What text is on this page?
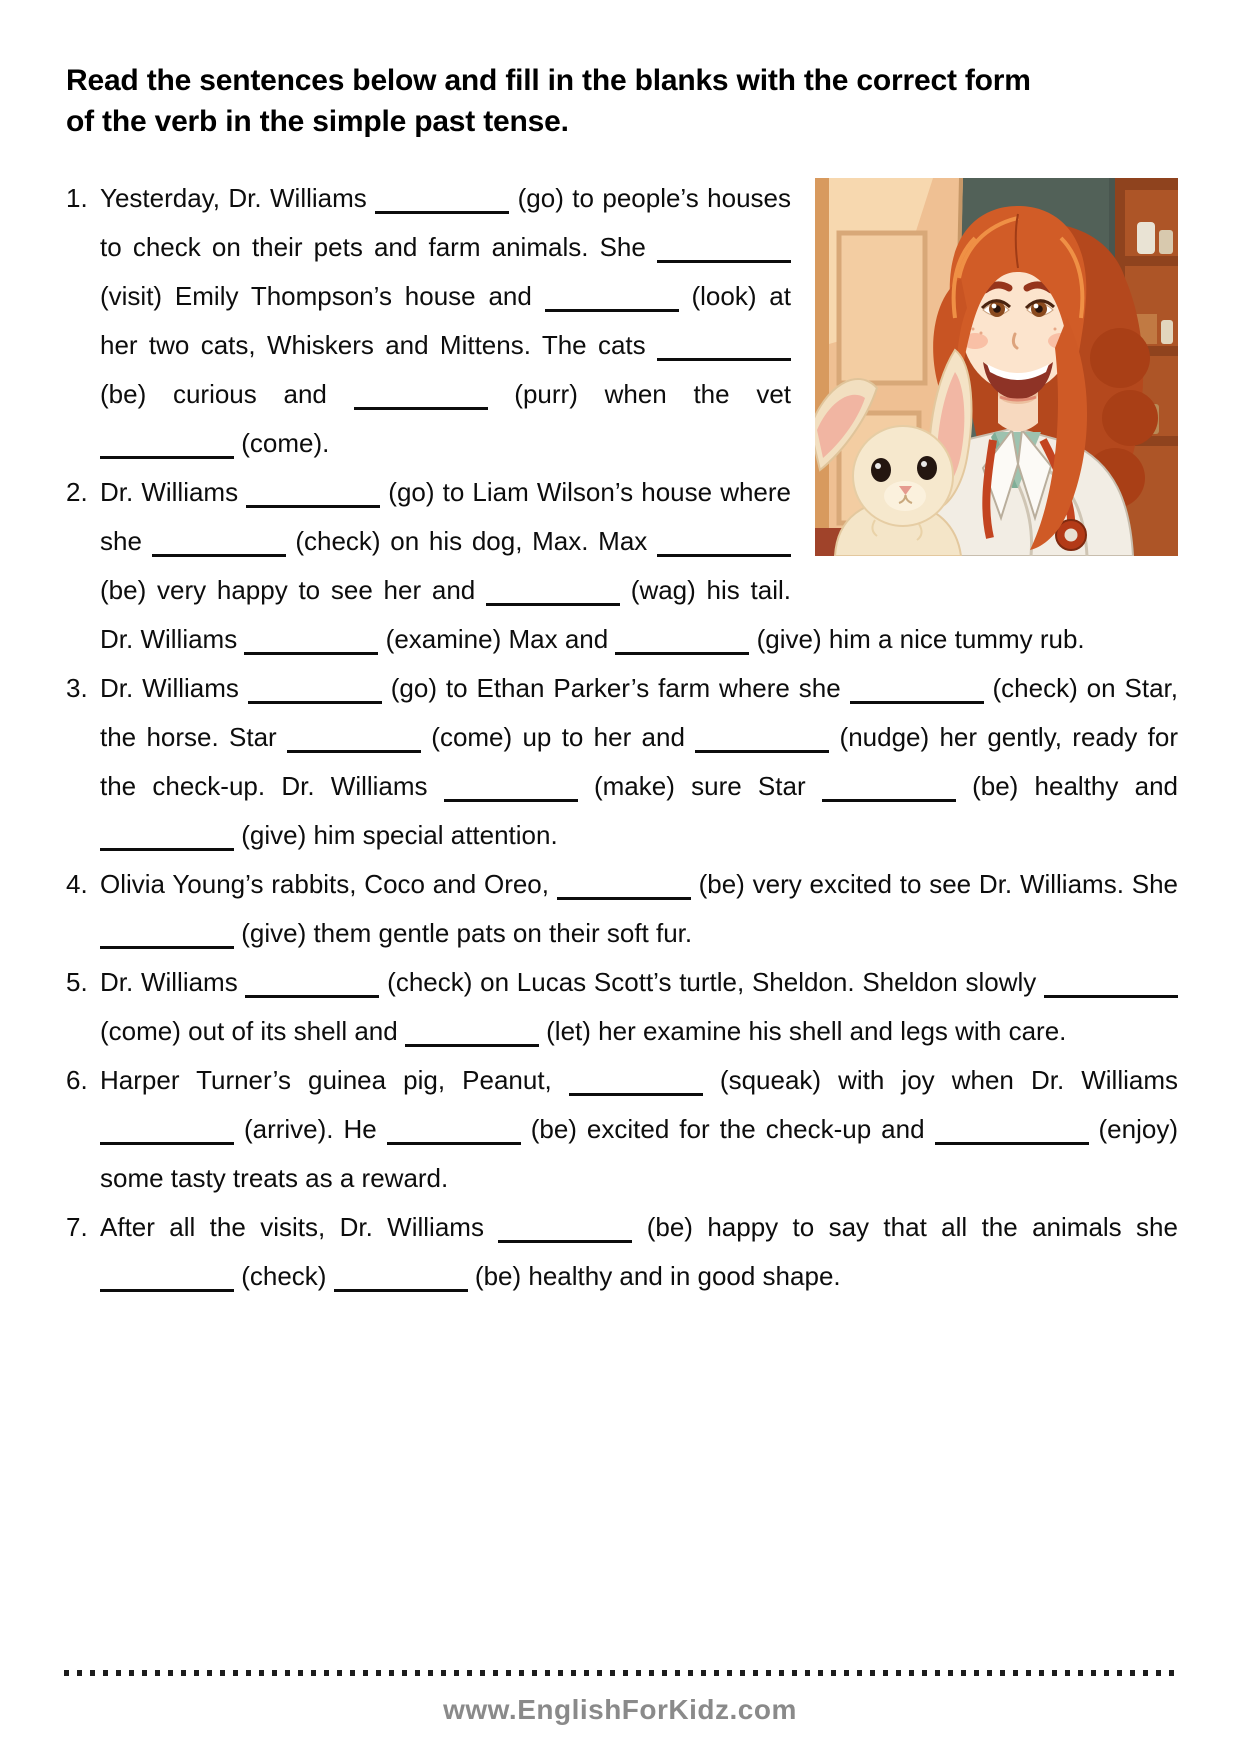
Read the sentences below and fill in the blanks with the correct form
of the verb in the simple past tense.
1. Yesterday, Dr. Williams	(go) to people’s houses to check on their pets and farm animals. She  (visit) Emily Thompson’s house and	(look) at her two cats, Whiskers and Mittens. The cats  (be) curious and	(purr) when the vet  (come).
2. Dr. Williams	(go) to Liam Wilson’s house where she	(check) on his dog, Max. Max  (be) very happy to see her and	(wag) his tail. Dr. Williams	(examine) Max and	(give) him a nice tummy rub.
3. Dr. Williams	(go) to Ethan Parker’s farm where she	(check) on Star, the horse. Star	(come) up to her and	(nudge) her gently, ready for the check-up. Dr. Williams	(make) sure Star	(be) healthy and  (give) him special attention.
4. Olivia Young’s rabbits, Coco and Oreo,	(be) very excited to see Dr. Williams. She  (give) them gentle pats on their soft fur.
5. Dr. Williams	(check) on Lucas Scott’s turtle, Sheldon. Sheldon slowly  (come) out of its shell and	(let) her examine his shell and legs with care.
6. Harper Turner’s guinea pig, Peanut,	(squeak) with joy when Dr. Williams  (arrive). He	(be) excited for the check-up and	(enjoy) some tasty treats as a reward.
7. After all the visits, Dr. Williams	(be) happy to say that all the animals she  (check)	(be) healthy and in good shape.
www.EnglishForKidz.com
